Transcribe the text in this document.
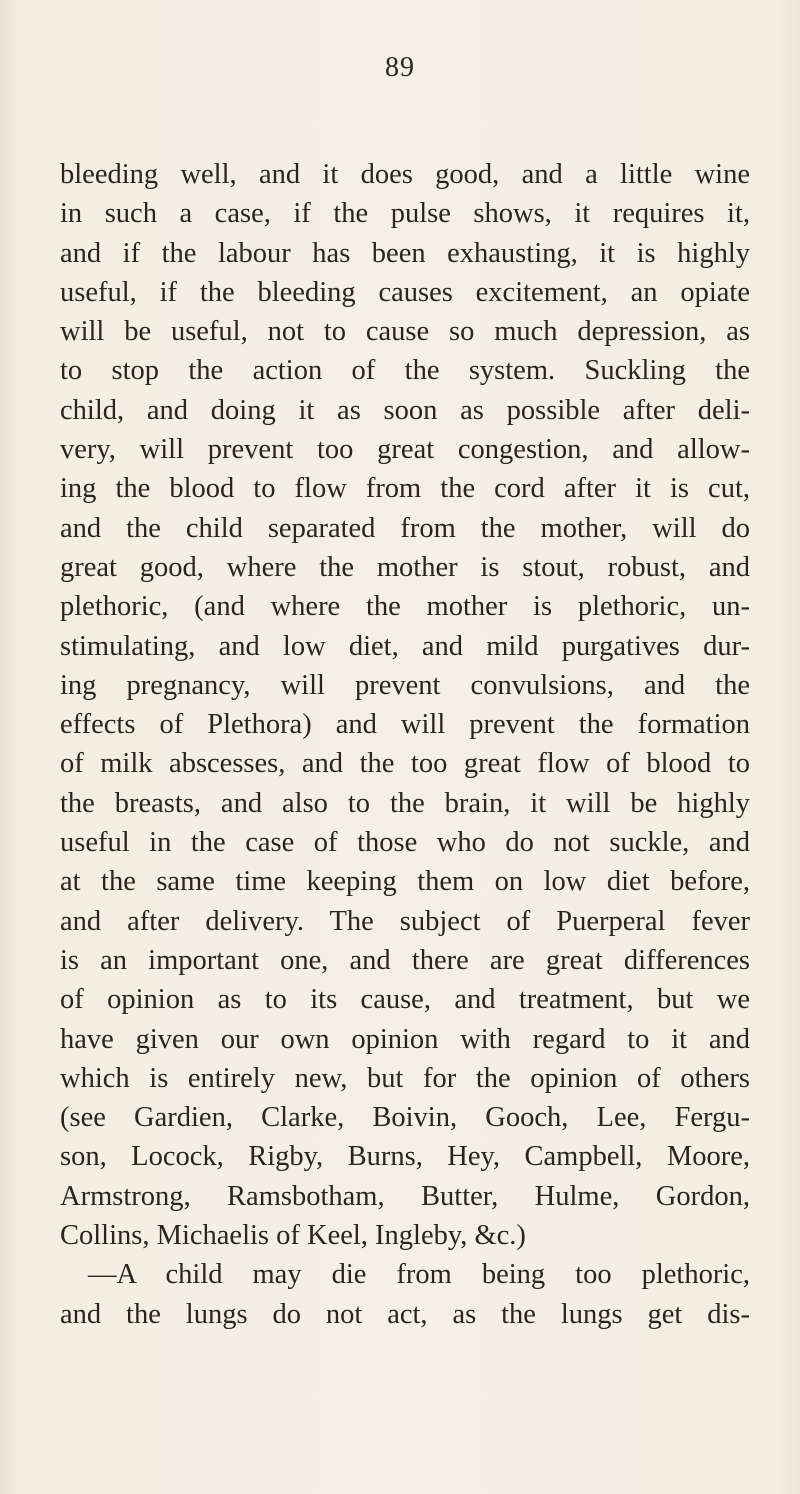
89
bleeding well, and it does good, and a little wine
in such a case, if the pulse shows, it requires it,
and if the labour has been exhausting, it is highly
useful, if the bleeding causes excitement, an opiate
will be useful, not to cause so much depression, as
to stop the action of the system. Suckling the
child, and doing it as soon as possible after deli-
very, will prevent too great congestion, and allow-
ing the blood to flow from the cord after it is cut,
and the child separated from the mother, will do
great good, where the mother is stout, robust, and
plethoric, (and where the mother is plethoric, un-
stimulating, and low diet, and mild purgatives dur-
ing pregnancy, will prevent convulsions, and the
effects of Plethora) and will prevent the formation
of milk abscesses, and the too great flow of blood to
the breasts, and also to the brain, it will be highly
useful in the case of those who do not suckle, and
at the same time keeping them on low diet before,
and after delivery. The subject of Puerperal fever
is an important one, and there are great differences
of opinion as to its cause, and treatment, but we
have given our own opinion with regard to it and
which is entirely new, but for the opinion of others
(see Gardien, Clarke, Boivin, Gooch, Lee, Fergu-
son, Locock, Rigby, Burns, Hey, Campbell, Moore,
Armstrong, Ramsbotham, Butter, Hulme, Gordon,
Collins, Michaelis of Keel, Ingleby, &c.)
—A child may die from being too plethoric,
and the lungs do not act, as the lungs get dis-
